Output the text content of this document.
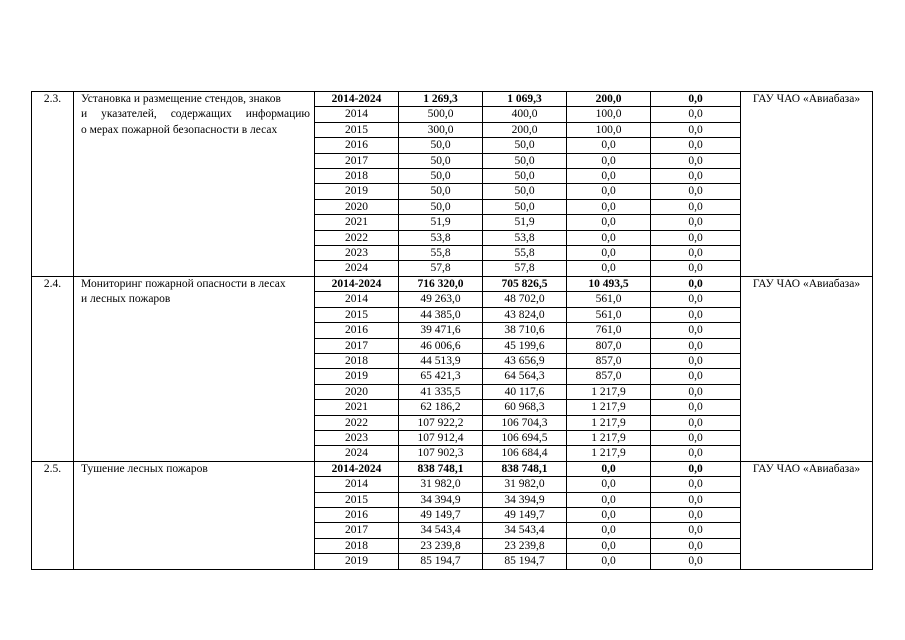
2.3.	Установка и размещение стендов, знаков
и указателей, содержащих информацию
о мерах пожарной безопасности в лесах	2014-2024	1 269,3	1 069,3	200,0	0,0	ГАУ ЧАО «Авиабаза»
		2014	500,0	400,0	100,0	0,0	
		2015	300,0	200,0	100,0	0,0	
		2016	50,0	50,0	0,0	0,0	
		2017	50,0	50,0	0,0	0,0	
		2018	50,0	50,0	0,0	0,0	
		2019	50,0	50,0	0,0	0,0	
		2020	50,0	50,0	0,0	0,0	
		2021	51,9	51,9	0,0	0,0	
		2022	53,8	53,8	0,0	0,0	
		2023	55,8	55,8	0,0	0,0	
		2024	57,8	57,8	0,0	0,0	
2.4.	Мониторинг пожарной опасности в лесах
и лесных пожаров	2014-2024	716 320,0	705 826,5	10 493,5	0,0	ГАУ ЧАО «Авиабаза»
		2014	49 263,0	48 702,0	561,0	0,0	
		2015	44 385,0	43 824,0	561,0	0,0	
		2016	39 471,6	38 710,6	761,0	0,0	
		2017	46 006,6	45 199,6	807,0	0,0	
		2018	44 513,9	43 656,9	857,0	0,0	
		2019	65 421,3	64 564,3	857,0	0,0	
		2020	41 335,5	40 117,6	1 217,9	0,0	
		2021	62 186,2	60 968,3	1 217,9	0,0	
		2022	107 922,2	106 704,3	1 217,9	0,0	
		2023	107 912,4	106 694,5	1 217,9	0,0	
		2024	107 902,3	106 684,4	1 217,9	0,0	
2.5.	Тушение лесных пожаров	2014-2024	838 748,1	838 748,1	0,0	0,0	ГАУ ЧАО «Авиабаза»
		2014	31 982,0	31 982,0	0,0	0,0	
		2015	34 394,9	34 394,9	0,0	0,0	
		2016	49 149,7	49 149,7	0,0	0,0	
		2017	34 543,4	34 543,4	0,0	0,0	
		2018	23 239,8	23 239,8	0,0	0,0	
		2019	85 194,7	85 194,7	0,0	0,0	
